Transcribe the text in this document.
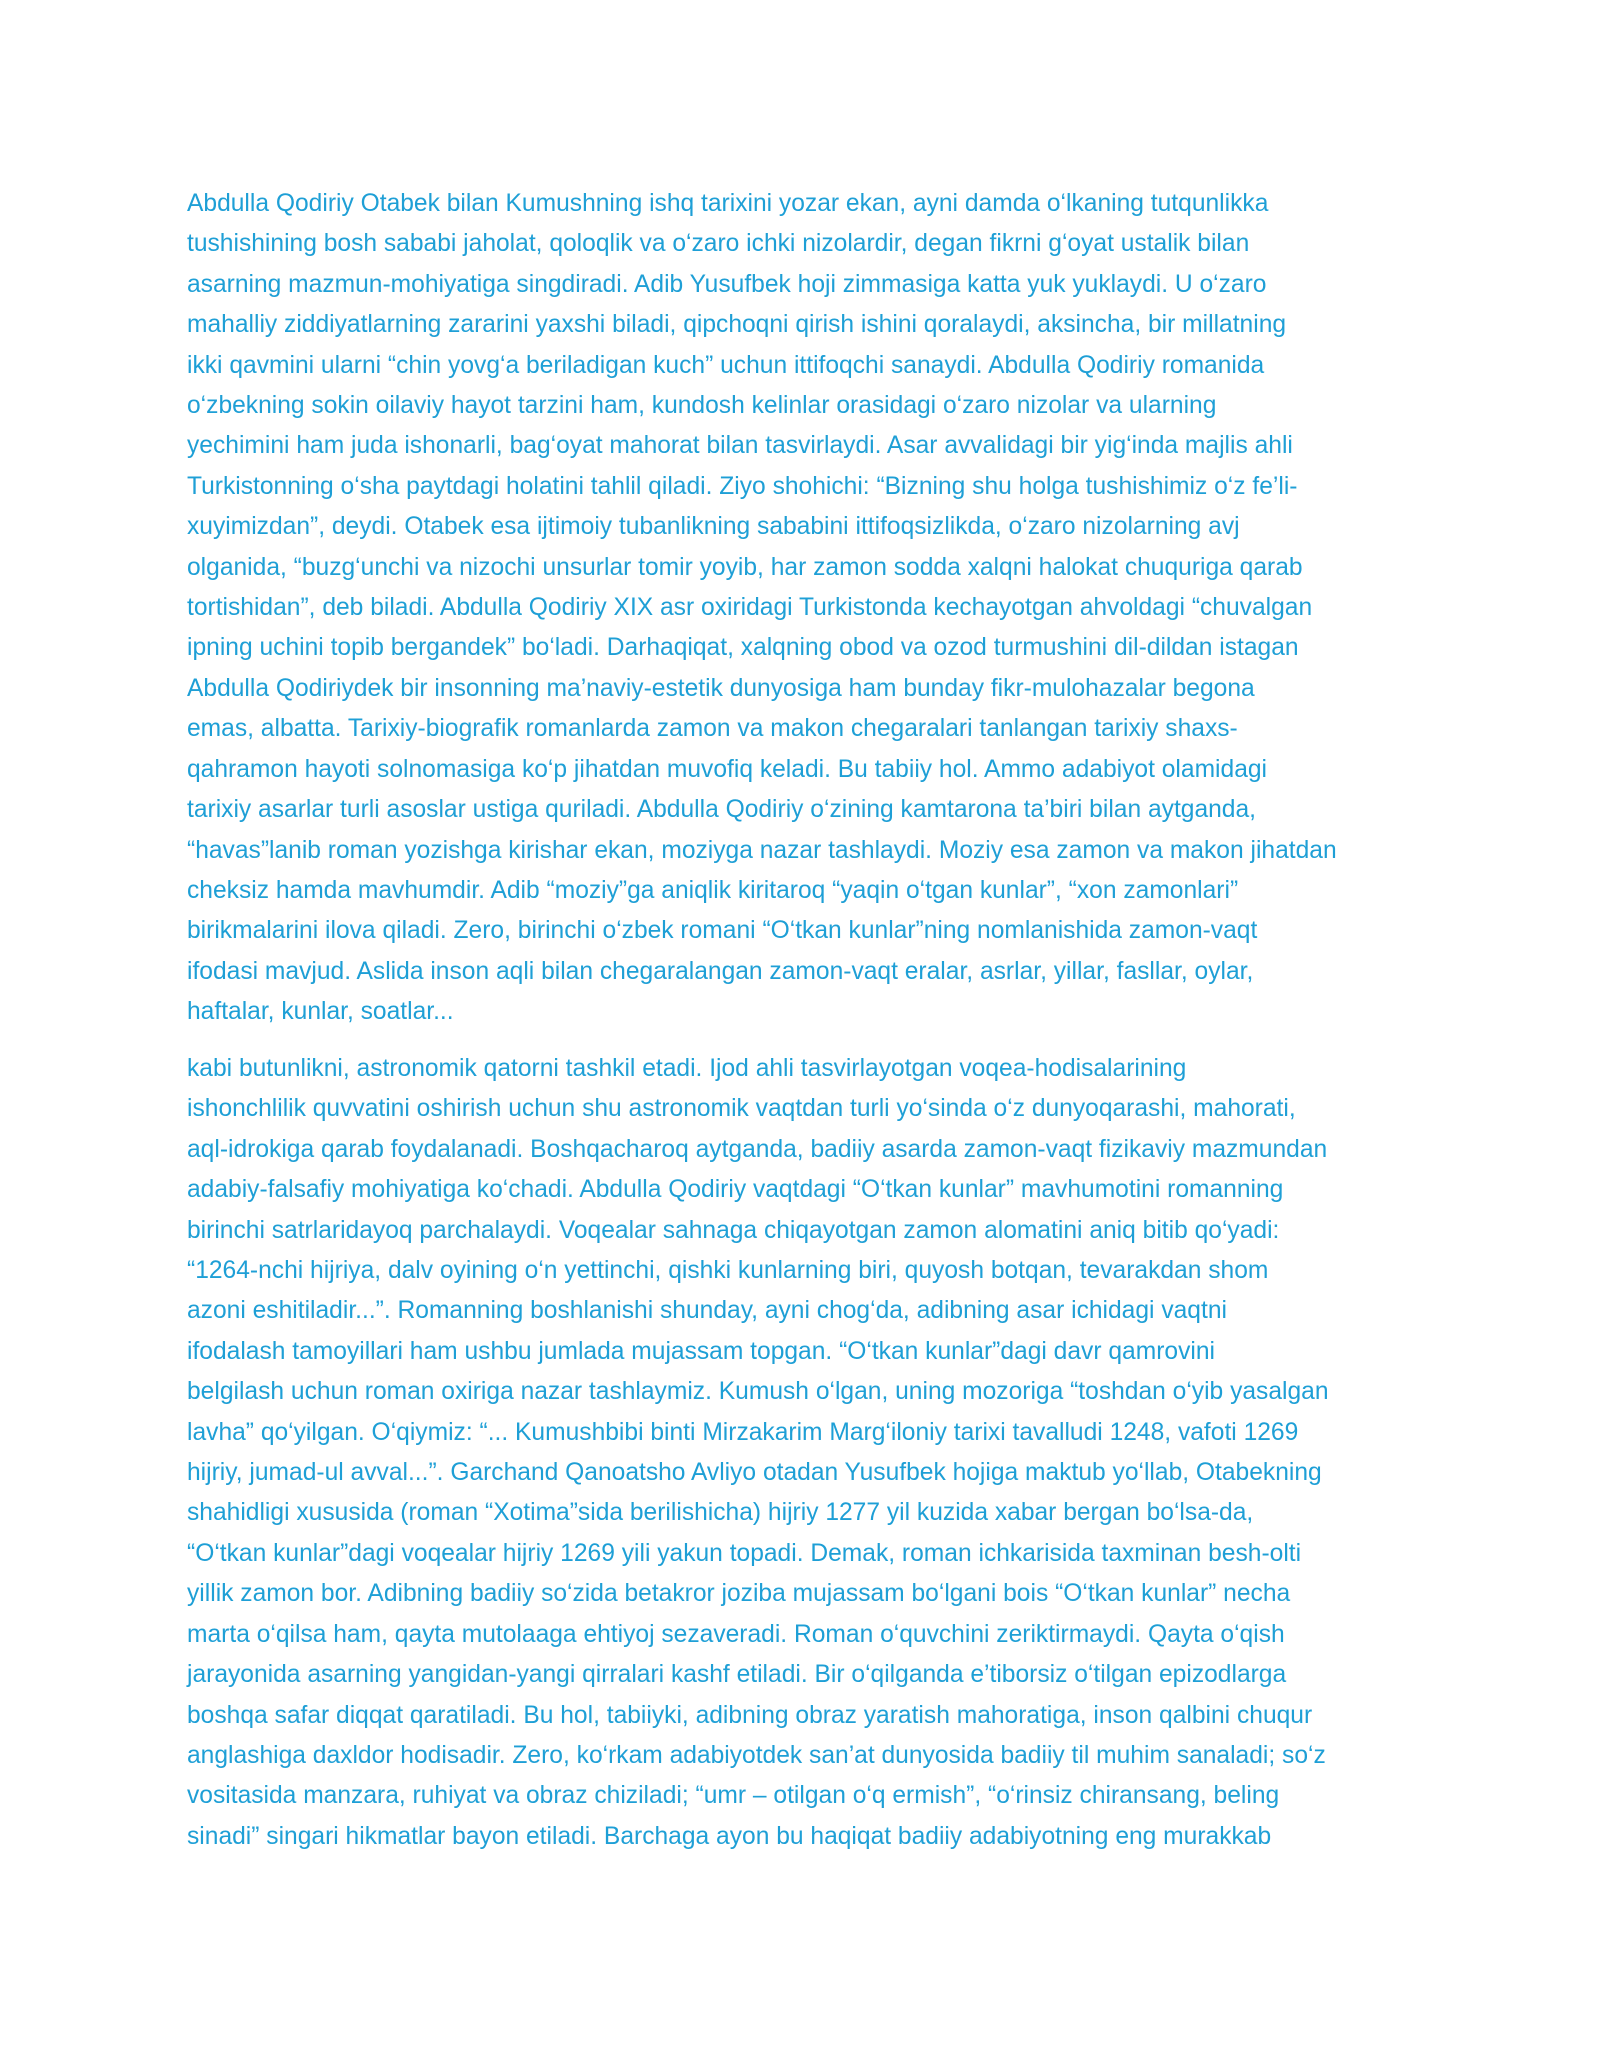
Abdulla Qodiriy Otabek bilan Kumushning ishq tarixini yozar ekan, ayni damda o‘lkaning tutqunlikka
tushishining bosh sababi jaholat, qoloqlik va o‘zaro ichki nizolardir, degan fikrni g‘oyat ustalik bilan
asarning mazmun-mohiyatiga singdiradi. Adib Yusufbek hoji zimmasiga katta yuk yuklaydi. U o‘zaro
mahalliy ziddiyatlarning zararini yaxshi biladi, qipchoqni qirish ishini qoralaydi, aksincha, bir millatning
ikki qavmini ularni “chin yovg‘a beriladigan kuch” uchun ittifoqchi sanaydi. Abdulla Qodiriy romanida
o‘zbekning sokin oilaviy hayot tarzini ham, kundosh kelinlar orasidagi o‘zaro nizolar va ularning
yechimini ham juda ishonarli, bag‘oyat mahorat bilan tasvirlaydi. Asar avvalidagi bir yig‘inda majlis ahli
Turkistonning o‘sha paytdagi holatini tahlil qiladi. Ziyo shohichi: “Bizning shu holga tushishimiz o‘z fe’li-
xuyimizdan”, deydi. Otabek esa ijtimoiy tubanlikning sababini ittifoqsizlikda, o‘zaro nizolarning avj
olganida, “buzg‘unchi va nizochi unsurlar tomir yoyib, har zamon sodda xalqni halokat chuquriga qarab
tortishidan”, deb biladi. Abdulla Qodiriy XIX asr oxiridagi Turkistonda kechayotgan ahvoldagi “chuvalgan
ipning uchini topib bergandek” bo‘ladi. Darhaqiqat, xalqning obod va ozod turmushini dil-dildan istagan
Abdulla Qodiriydek bir insonning ma’naviy-estetik dunyosiga ham bunday fikr-mulohazalar begona
emas, albatta. Tarixiy-biografik romanlarda zamon va makon chegaralari tanlangan tarixiy shaxs-
qahramon hayoti solnomasiga ko‘p jihatdan muvofiq keladi. Bu tabiiy hol. Ammo adabiyot olamidagi
tarixiy asarlar turli asoslar ustiga quriladi. Abdulla Qodiriy o‘zining kamtarona ta’biri bilan aytganda,
“havas”lanib roman yozishga kirishar ekan, moziyga nazar tashlaydi. Moziy esa zamon va makon jihatdan
cheksiz hamda mavhumdir. Adib “moziy”ga aniqlik kiritaroq “yaqin o‘tgan kunlar”, “xon zamonlari”
birikmalarini ilova qiladi. Zero, birinchi o‘zbek romani “O‘tkan kunlar”ning nomlanishida zamon-vaqt
ifodasi mavjud. Aslida inson aqli bilan chegaralangan zamon-vaqt eralar, asrlar, yillar, fasllar, oylar,
haftalar, kunlar, soatlar...

kabi butunlikni, astronomik qatorni tashkil etadi. Ijod ahli tasvirlayotgan voqea-hodisalarining
ishonchlilik quvvatini oshirish uchun shu astronomik vaqtdan turli yo‘sinda o‘z dunyoqarashi, mahorati,
aql-idrokiga qarab foydalanadi. Boshqacharoq aytganda, badiiy asarda zamon-vaqt fizikaviy mazmundan
adabiy-falsafiy mohiyatiga ko‘chadi. Abdulla Qodiriy vaqtdagi “O‘tkan kunlar” mavhumotini romanning
birinchi satrlaridayoq parchalaydi. Voqealar sahnaga chiqayotgan zamon alomatini aniq bitib qo‘yadi:
“1264-nchi hijriya, dalv oyining o‘n yettinchi, qishki kunlarning biri, quyosh botqan, tevarakdan shom
azoni eshitiladir...”. Romanning boshlanishi shunday, ayni chog‘da, adibning asar ichidagi vaqtni
ifodalash tamoyillari ham ushbu jumlada mujassam topgan. “O‘tkan kunlar”dagi davr qamrovini
belgilash uchun roman oxiriga nazar tashlaymiz. Kumush o‘lgan, uning mozoriga “toshdan o‘yib yasalgan
lavha” qo‘yilgan. O‘qiymiz: “... Kumushbibi binti Mirzakarim Marg‘iloniy tarixi tavalludi 1248, vafoti 1269
hijriy, jumad-ul avval...”. Garchand Qanoatsho Avliyo otadan Yusufbek hojiga maktub yo‘llab, Otabekning
shahidligi xususida (roman “Xotima”sida berilishicha) hijriy 1277 yil kuzida xabar bergan bo‘lsa-da,
“O‘tkan kunlar”dagi voqealar hijriy 1269 yili yakun topadi. Demak, roman ichkarisida taxminan besh-olti
yillik zamon bor. Adibning badiiy so‘zida betakror joziba mujassam bo‘lgani bois “O‘tkan kunlar” necha
marta o‘qilsa ham, qayta mutolaaga ehtiyoj sezaveradi. Roman o‘quvchini zeriktirmaydi. Qayta o‘qish
jarayonida asarning yangidan-yangi qirralari kashf etiladi. Bir o‘qilganda e’tiborsiz o‘tilgan epizodlarga
boshqa safar diqqat qaratiladi. Bu hol, tabiiyki, adibning obraz yaratish mahoratiga, inson qalbini chuqur
anglashiga daxldor hodisadir. Zero, ko‘rkam adabiyotdek san’at dunyosida badiiy til muhim sanaladi; so‘z
vositasida manzara, ruhiyat va obraz chiziladi; “umr – otilgan o‘q ermish”, “o‘rinsiz chiransang, beling
sinadi” singari hikmatlar bayon etiladi. Barchaga ayon bu haqiqat badiiy adabiyotning eng murakkab
